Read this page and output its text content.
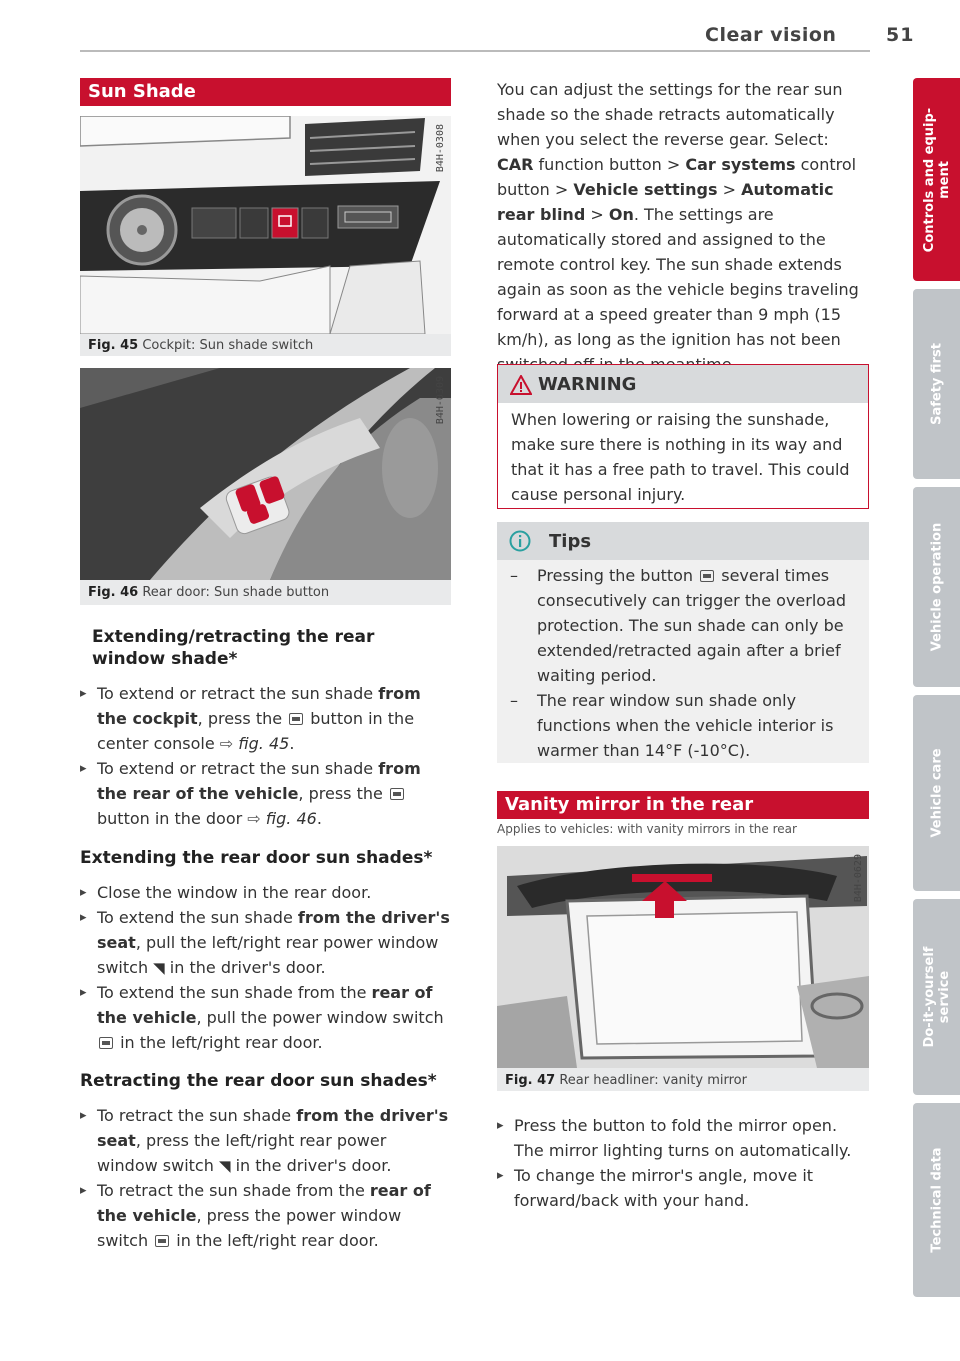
Clear vision	51
Controls and equip-
ment
Safety first
Vehicle operation
Vehicle care
Do-it-yourself
service
Technical data
Sun Shade
B4H-0308
Fig. 45 Cockpit: Sun shade switch
B4H-0309
Fig. 46 Rear door: Sun shade button
Extending/retracting the rear window shade*
▸ To extend or retract the sun shade from the cockpit, press the  button in the center console ⇨ fig. 45.
▸ To extend or retract the sun shade from the rear of the vehicle, press the  button in the door ⇨ fig. 46.
Extending the rear door sun shades*
▸ Close the window in the rear door.
▸ To extend the sun shade from the driver's seat, pull the left/right rear power window switch ◥ in the driver's door.
▸ To extend the sun shade from the rear of the vehicle, pull the power window switch  in the left/right rear door.
Retracting the rear door sun shades*
▸ To retract the sun shade from the driver's seat, press the left/right rear power window switch ◥ in the driver's door.
▸ To retract the sun shade from the rear of the vehicle, press the power window switch  in the left/right rear door.
You can adjust the settings for the rear sun shade so the shade retracts automatically when you select the reverse gear. Select: CAR function button > Car systems control button > Vehicle settings > Automatic rear blind > On. The settings are automatically stored and assigned to the remote control key. The sun shade extends again as soon as the vehicle begins traveling forward at a speed greater than 9 mph (15 km/h), as long as the ignition has not been
WARNING
When lowering or raising the sunshade, make sure there is nothing in its way and that it has a free path to travel. This could cause personal injury.
Tips
– Pressing the button  several times consecutively can trigger the overload protection. The sun shade can only be extended/retracted again after a brief waiting period.
– The rear window sun shade only functions when the vehicle interior is warmer than 14°F (-10°C).
Vanity mirror in the rear
Applies to vehicles: with vanity mirrors in the rear
B4H-0629
Fig. 47 Rear headliner: vanity mirror
▸ Press the button to fold the mirror open. The mirror lighting turns on automatically.
▸ To change the mirror's angle, move it forward/back with your hand.
